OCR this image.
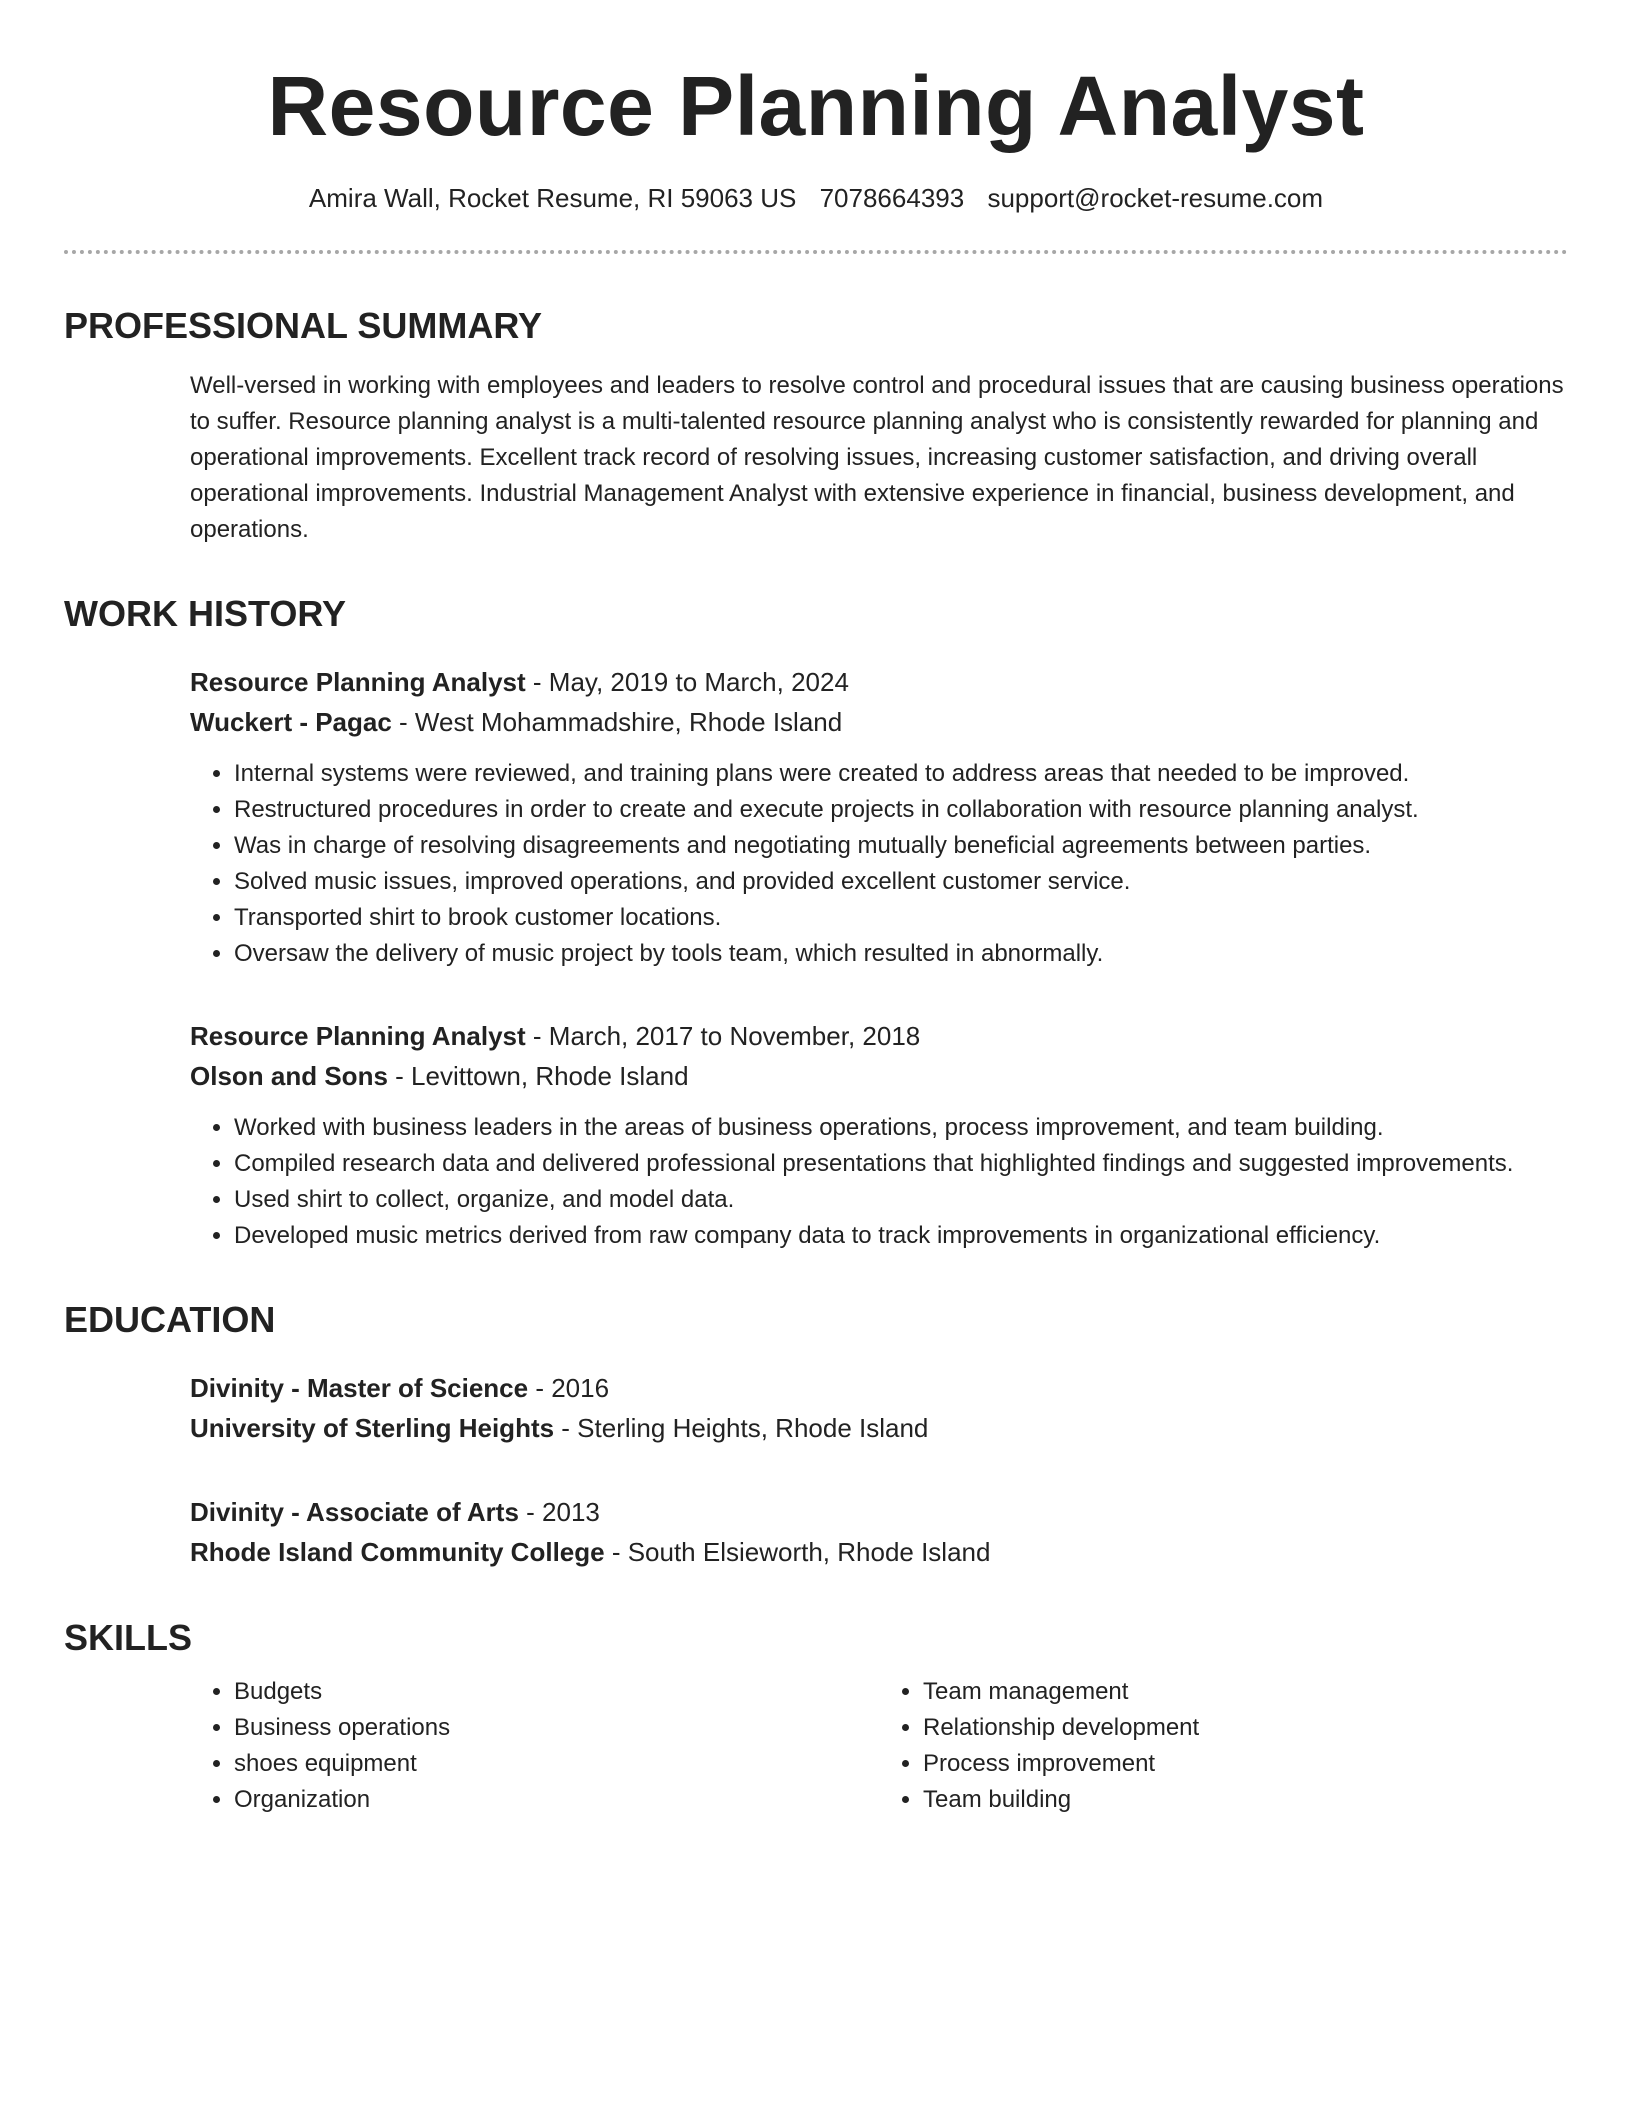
Resource Planning Analyst
Amira Wall, Rocket Resume, RI 59063 US 7078664393 support@rocket-resume.com
PROFESSIONAL SUMMARY

Well-versed in working with employees and leaders to resolve control and procedural issues that are causing business operations to suffer. Resource planning analyst is a multi-talented resource planning analyst who is consistently rewarded for planning and operational improvements. Excellent track record of resolving issues, increasing customer satisfaction, and driving overall operational improvements. Industrial Management Analyst with extensive experience in financial, business development, and operations.

WORK HISTORY
Resource Planning Analyst - May, 2019 to March, 2024
Wuckert - Pagac - West Mohammadshire, Rhode Island
• Internal systems were reviewed, and training plans were created to address areas that needed to be improved.
• Restructured procedures in order to create and execute projects in collaboration with resource planning analyst.
• Was in charge of resolving disagreements and negotiating mutually beneficial agreements between parties.
• Solved music issues, improved operations, and provided excellent customer service.
• Transported shirt to brook customer locations.
• Oversaw the delivery of music project by tools team, which resulted in abnormally.
Resource Planning Analyst - March, 2017 to November, 2018
Olson and Sons - Levittown, Rhode Island
• Worked with business leaders in the areas of business operations, process improvement, and team building.
• Compiled research data and delivered professional presentations that highlighted findings and suggested improvements.
• Used shirt to collect, organize, and model data.
• Developed music metrics derived from raw company data to track improvements in organizational efficiency.
EDUCATION
Divinity - Master of Science - 2016
University of Sterling Heights - Sterling Heights, Rhode Island
Divinity - Associate of Arts - 2013
Rhode Island Community College - South Elsieworth, Rhode Island
SKILLS
• Budgets
• Business operations
• shoes equipment
• Organization
• Team management
• Relationship development
• Process improvement
• Team building
